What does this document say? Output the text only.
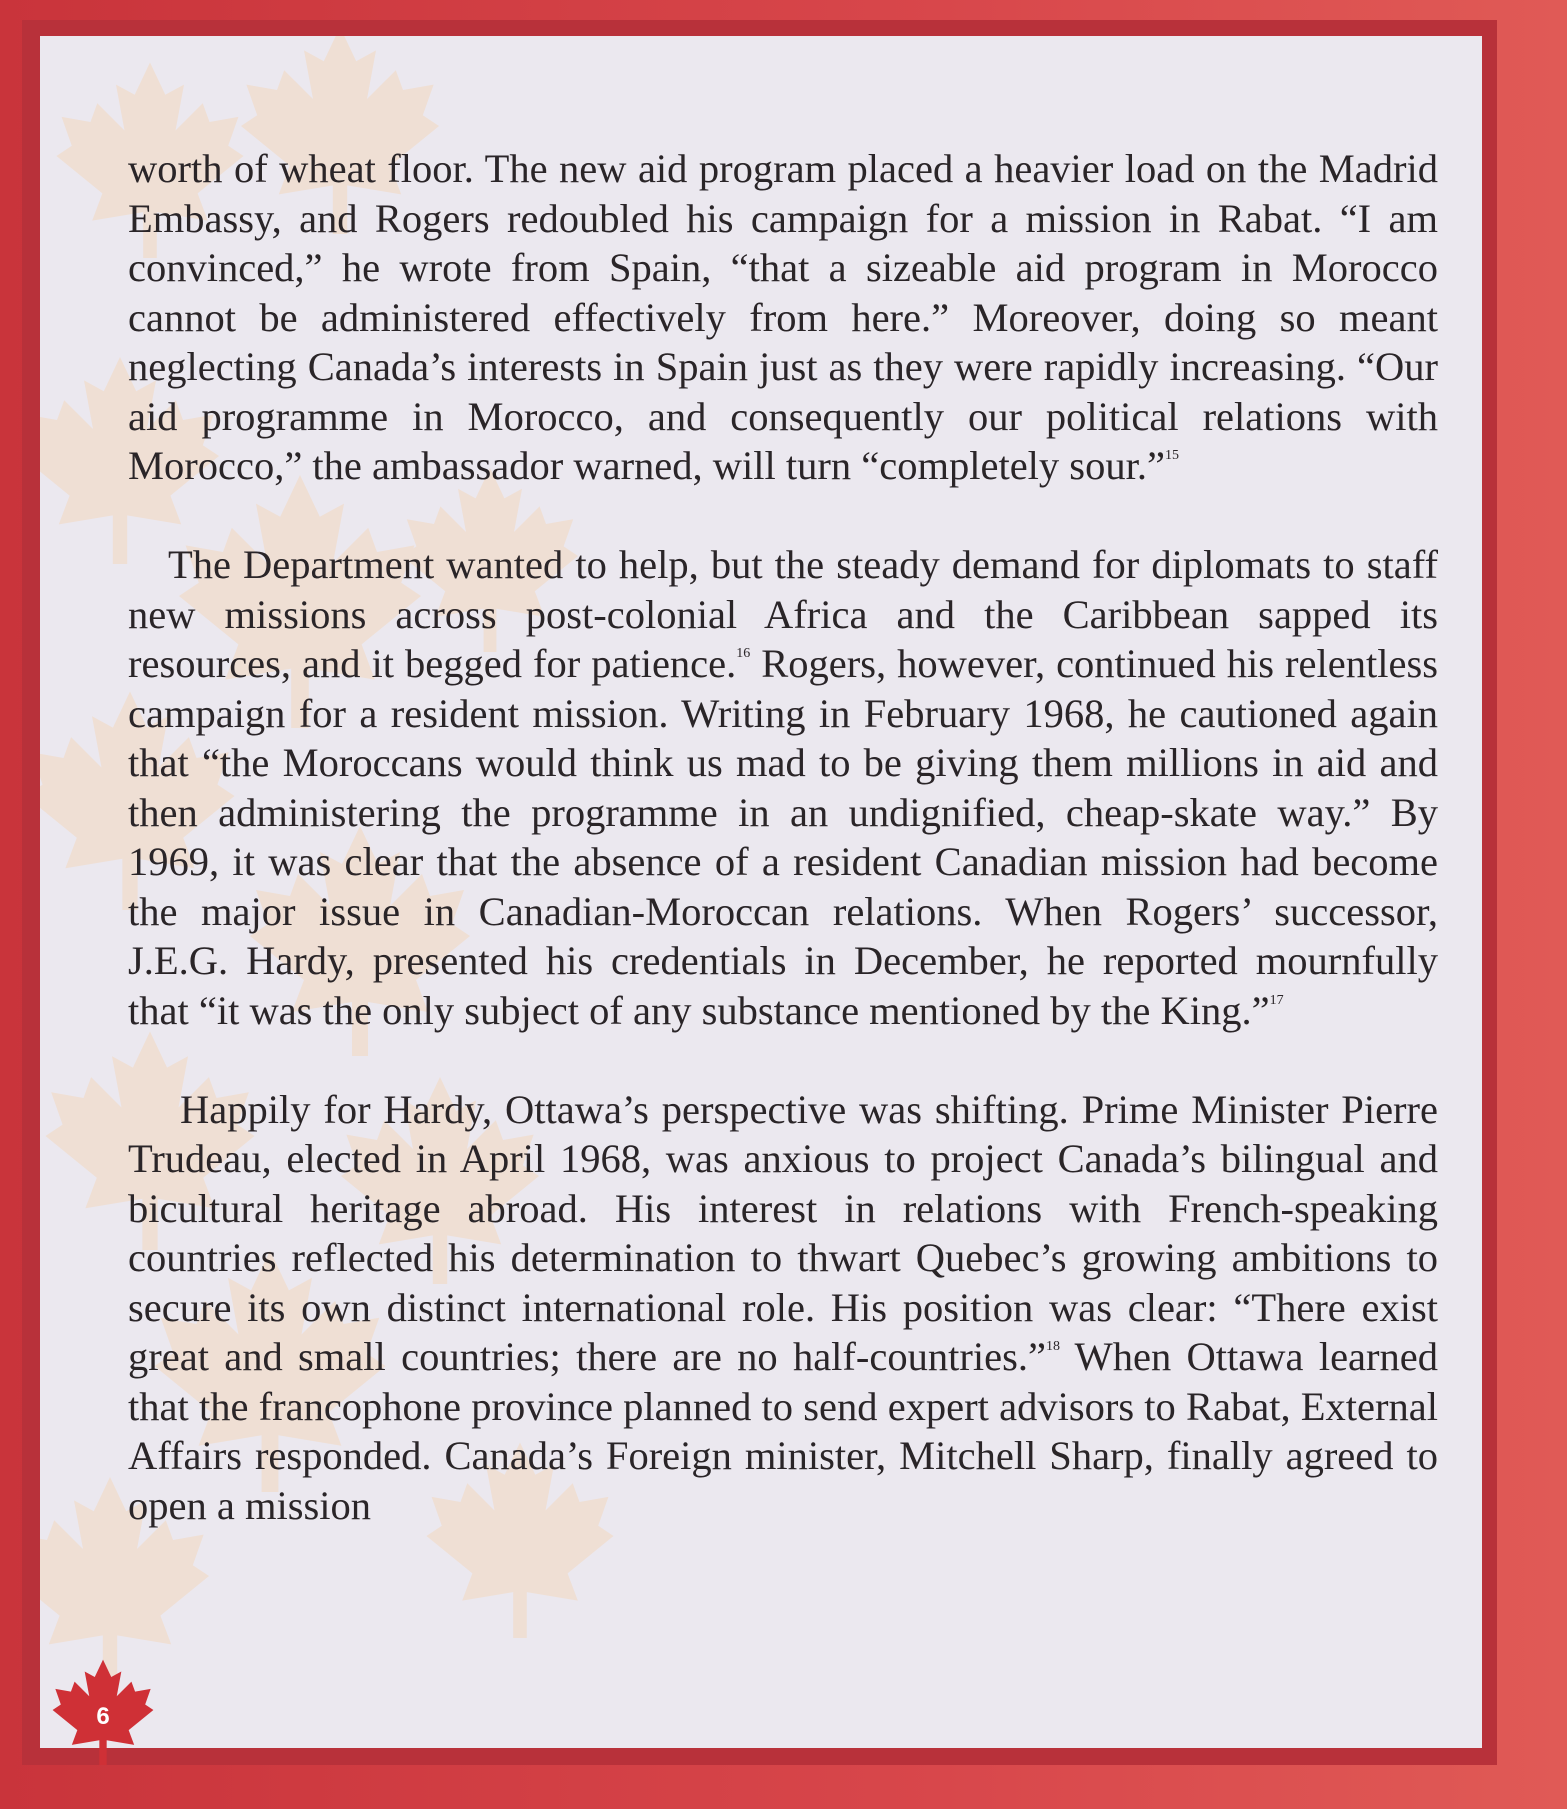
worth of wheat floor. The new aid program placed a heavier load on the Madrid Embassy, and Rogers redoubled his campaign for a mission in Rabat. “I am convinced,” he wrote from Spain, “that a sizeable aid program in Morocco cannot be administered effectively from here.” Moreover, doing so meant neglecting Canada’s interests in Spain just as they were rapidly increasing. “Our aid programme in Morocco, and consequently our political relations with Morocco,” the ambassador warned, will turn “completely sour.”$^{15}$

The Department wanted to help, but the steady demand for diplomats to staff new missions across post-colonial Africa and the Caribbean sapped its resources, and it begged for patience.$^{16}$ Rogers, however, continued his relentless campaign for a resident mission. Writing in February 1968, he cautioned again that “the Moroccans would think us mad to be giving them millions in aid and then administering the programme in an undignified, cheap-skate way.” By 1969, it was clear that the absence of a resident Canadian mission had become the major issue in Canadian-Moroccan relations. When Rogers’ successor, J.E.G. Hardy, presented his credentials in December, he reported mournfully that “it was the only subject of any substance mentioned by the King.”$^{17}$

Happily for Hardy, Ottawa’s perspective was shifting. Prime Minister Pierre Trudeau, elected in April 1968, was anxious to project Canada’s bilingual and bicultural heritage abroad. His interest in relations with French-speaking countries reflected his determination to thwart Quebec’s growing ambitions to secure its own distinct international role. His position was clear: “There exist great and small countries; there are no half-countries.”$^{18}$ When Ottawa learned that the francophone province planned to send expert advisors to Rabat, External Affairs responded. Canada’s Foreign minister, Mitchell Sharp, finally agreed to open a mission

6
